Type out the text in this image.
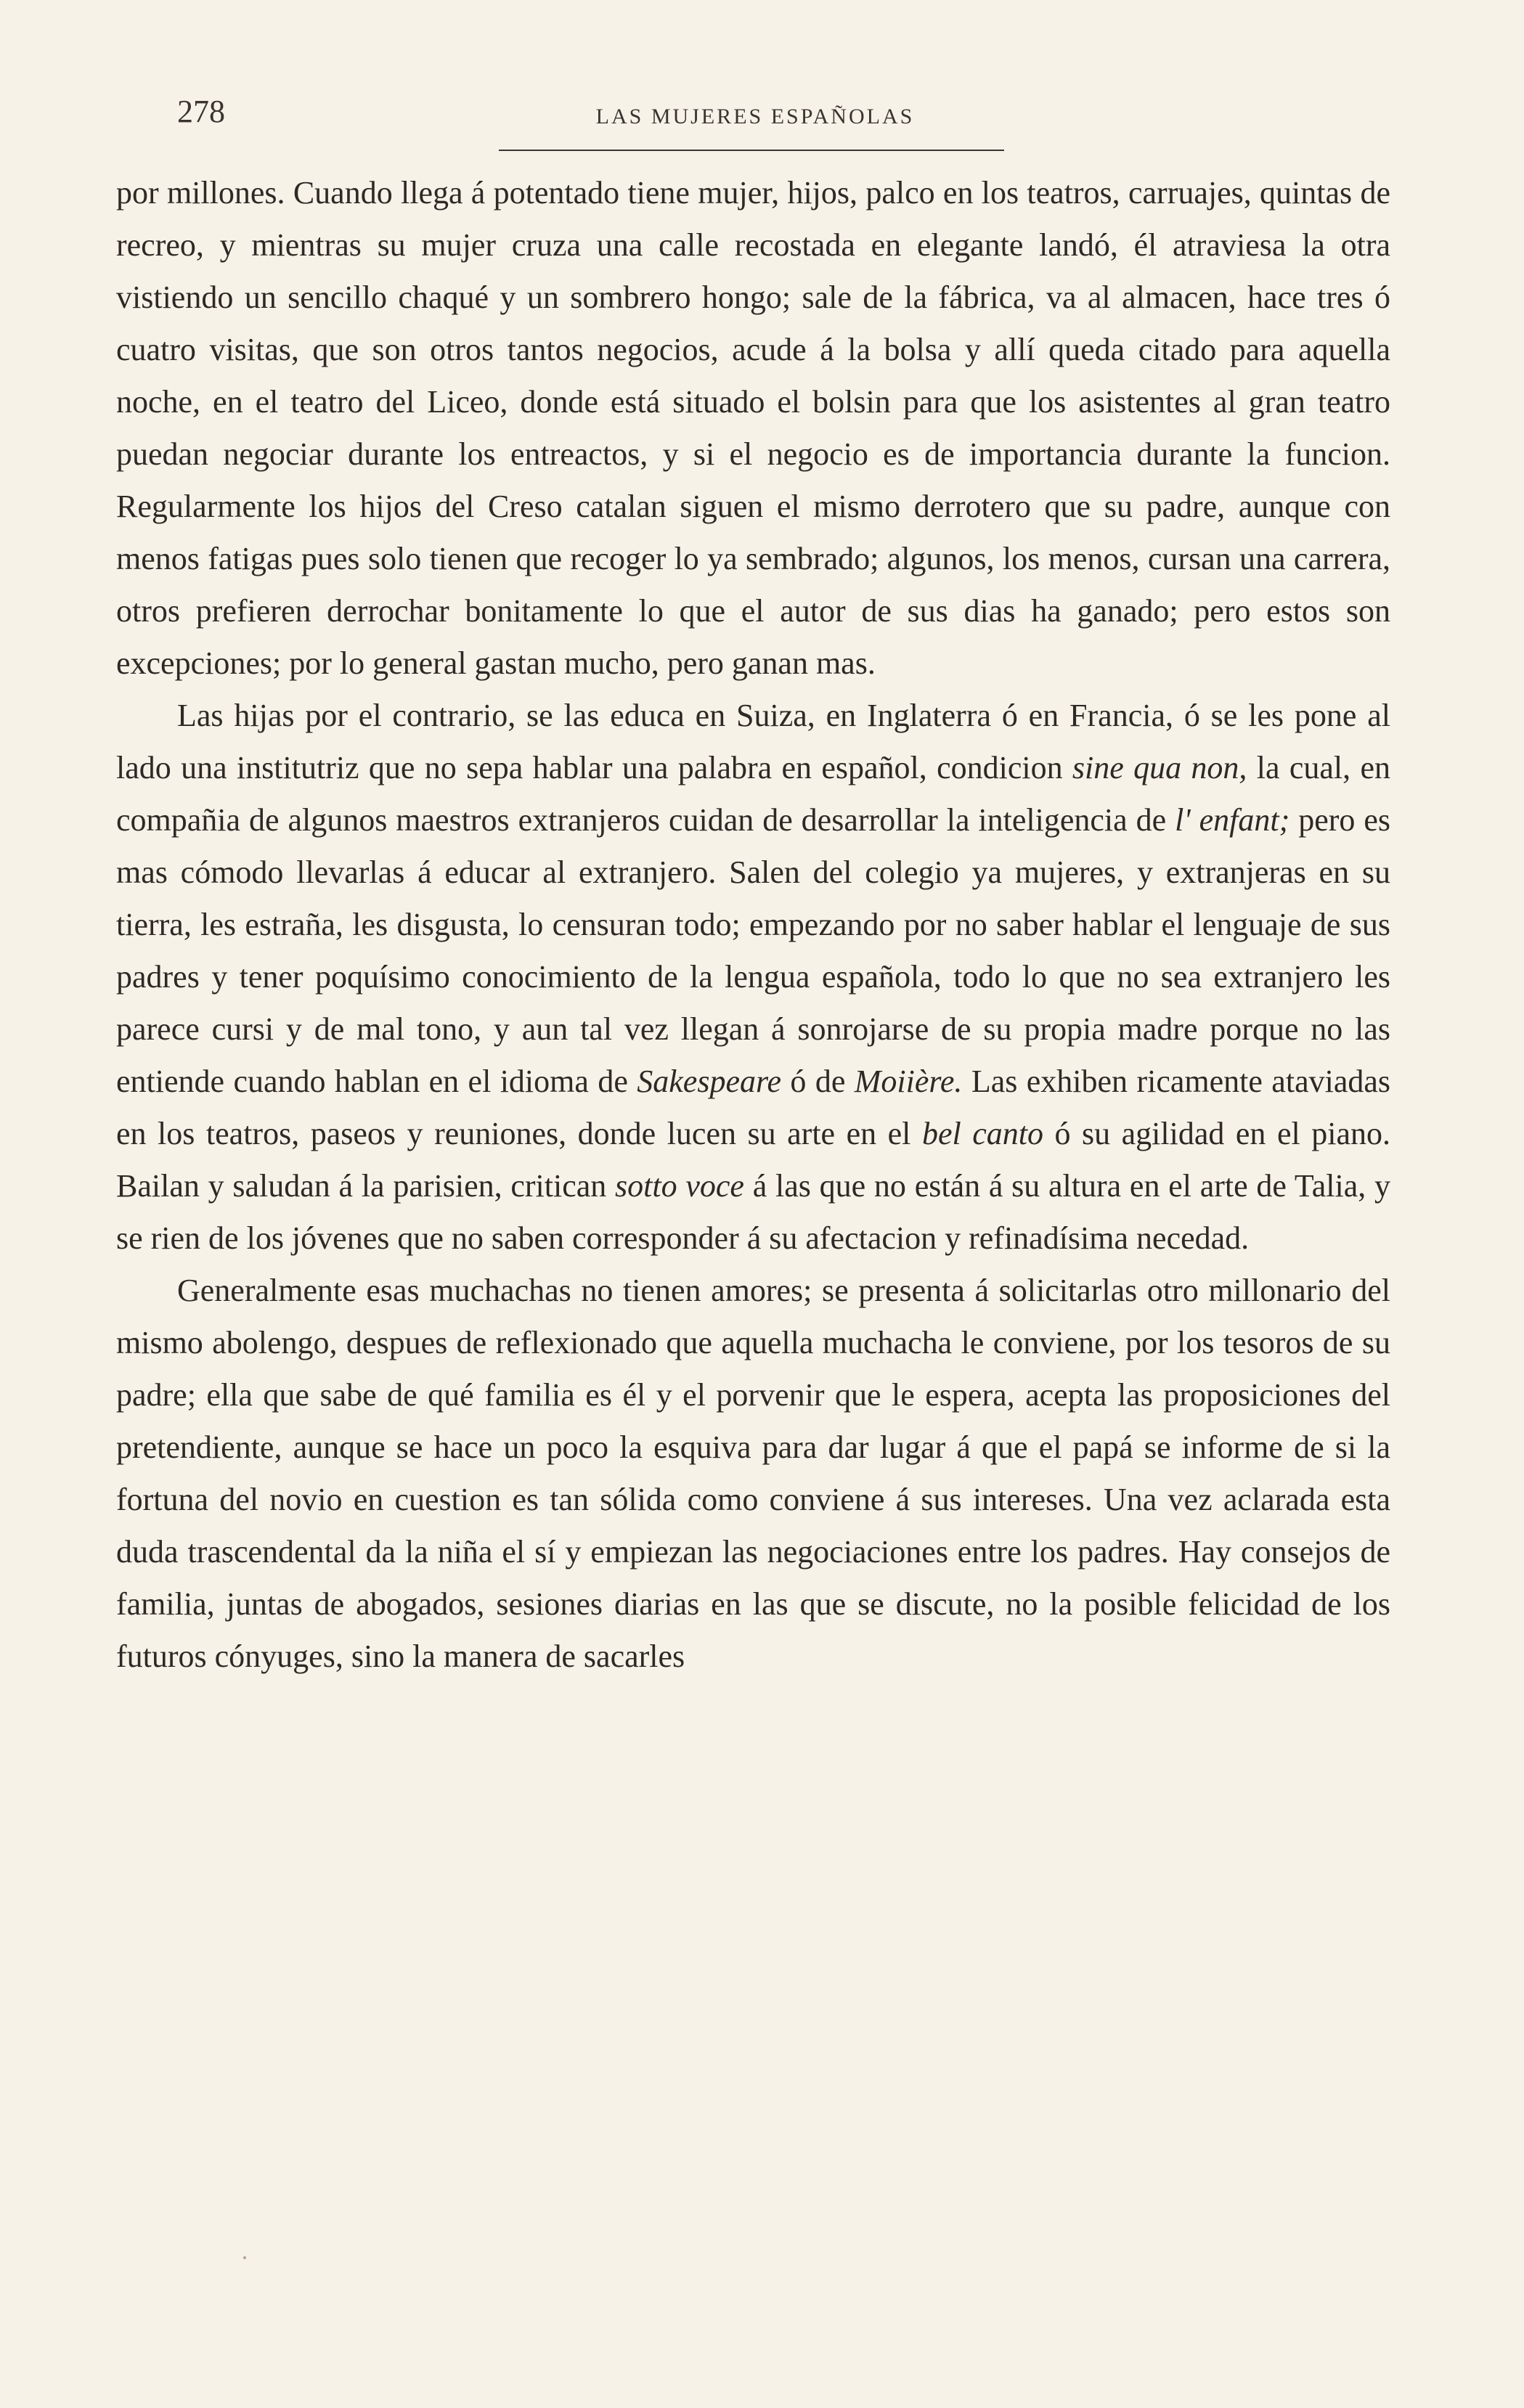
278	LAS MUJERES ESPAÑOLAS

por millones. Cuando llega á potentado tiene mujer, hijos, palco en los teatros, carruajes, quintas de recreo, y mientras su mujer cruza una calle recostada en elegante landó, él atraviesa la otra vistiendo un sencillo chaqué y un sombrero hongo; sale de la fábrica, va al almacen, hace tres ó cuatro visitas, que son otros tantos negocios, acude á la bolsa y allí queda citado para aquella noche, en el teatro del Liceo, donde está situado el bolsin para que los asistentes al gran teatro puedan negociar durante los entreactos, y si el negocio es de importancia durante la funcion. Regularmente los hijos del Creso catalan siguen el mismo derrotero que su padre, aunque con menos fatigas pues solo tienen que recoger lo ya sembrado; algunos, los menos, cursan una carrera, otros prefieren derrochar bonitamente lo que el autor de sus dias ha ganado; pero estos son excepciones; por lo general gastan mucho, pero ganan mas.

Las hijas por el contrario, se las educa en Suiza, en Inglaterra ó en Francia, ó se les pone al lado una institutriz que no sepa hablar una palabra en español, condicion sine qua non, la cual, en compañia de algunos maestros extranjeros cuidan de desarrollar la inteligencia de l' enfant; pero es mas cómodo llevarlas á educar al extranjero. Salen del colegio ya mujeres, y extranjeras en su tierra, les estraña, les disgusta, lo censuran todo; empezando por no saber hablar el lenguaje de sus padres y tener poquísimo conocimiento de la lengua española, todo lo que no sea extranjero les parece cursi y de mal tono, y aun tal vez llegan á sonrojarse de su propia madre porque no las entiende cuando hablan en el idioma de Sakespeare ó de Moiière. Las exhiben ricamente ataviadas en los teatros, paseos y reuniones, donde lucen su arte en el bel canto ó su agilidad en el piano. Bailan y saludan á la parisien, critican sotto voce á las que no están á su altura en el arte de Talia, y se rien de los jóvenes que no saben corresponder á su afectacion y refinadísima necedad.

Generalmente esas muchachas no tienen amores; se presenta á solicitarlas otro millonario del mismo abolengo, despues de reflexionado que aquella muchacha le conviene, por los tesoros de su padre; ella que sabe de qué familia es él y el porvenir que le espera, acepta las proposiciones del pretendiente, aunque se hace un poco la esquiva para dar lugar á que el papá se informe de si la fortuna del novio en cuestion es tan sólida como conviene á sus intereses. Una vez aclarada esta duda trascendental da la niña el sí y empiezan las negociaciones entre los padres. Hay consejos de familia, juntas de abogados, sesiones diarias en las que se discute, no la posible felicidad de los futuros cónyuges, sino la manera de sacarles
